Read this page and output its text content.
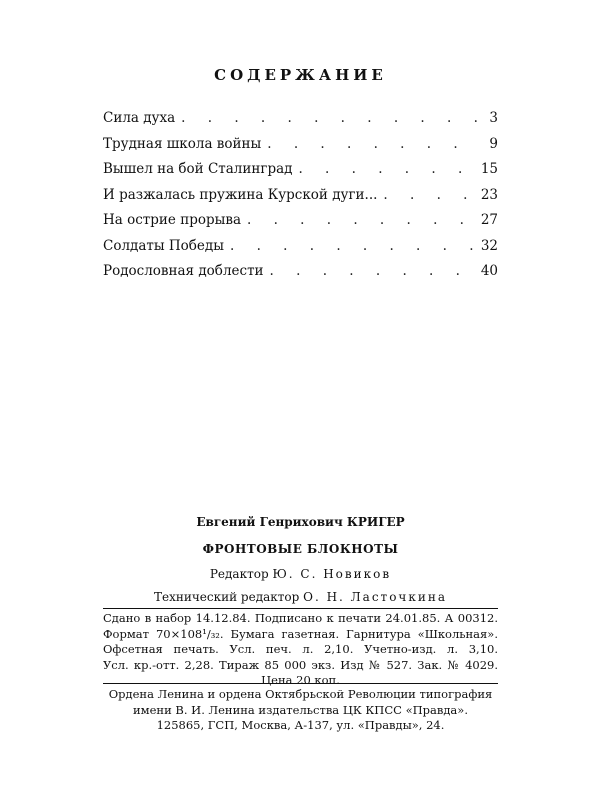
СОДЕРЖАНИЕ
Сила духа . . .	3
Трудная школа войны . . .	9
Вышел на бой Сталинград . . .	15
И разжалась пружина Курской дуги... . . .	23
На острие прорыва . . .	27
Солдаты Победы . . .	32
Родословная доблести . . .	40
Евгений Генрихович КРИГЕР
ФРОНТОВЫЕ БЛОКНОТЫ
Редактор Ю. С. Новиков
Технический редактор О. Н. Ласточкина
Сдано в набор 14.12.84. Подписано к печати 24.01.85. А 00312.
Формат 70×108¹/₃₂. Бумага газетная. Гарнитура «Школьная».
Офсетная печать. Усл. печ. л. 2,10. Учетно-изд. л. 3,10.
Усл. кр.-отт. 2,28. Тираж 85 000 экз. Изд № 527. Зак. № 4029.
Цена 20 коп.
Ордена Ленина и ордена Октябрьской Революции типография
имени В. И. Ленина издательства ЦК КПСС «Правда».
125865, ГСП, Москва, А-137, ул. «Правды», 24.
